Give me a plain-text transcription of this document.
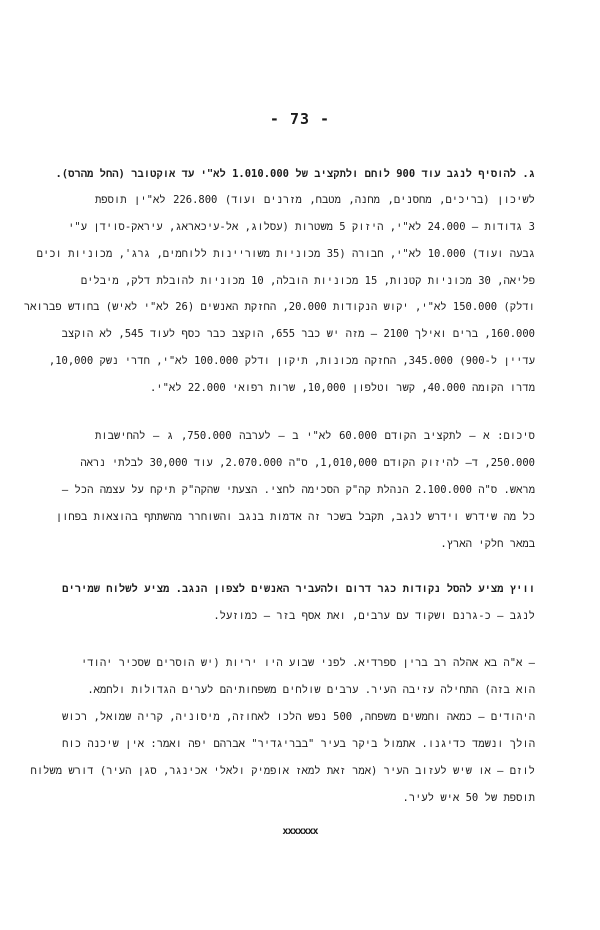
- 73 -
ג. להוסיף לנגב עוד 900 לוחם ולתקציב של 1.010.000 לא"י עד אוקטובר (החל מהרס).
לשיכון (בריכים, מחסנים, מחנה, מטבח, מזרנים ועוד) 226.800 לא"ין תוספת
3 גדודות – 24.000 לא"י, היזוק 5 משטרות (עסלוג, אל-עיכאראג, עיראק-סוידן ע"י
גבעה ועוד) 10.000 לא"י, חבורה (35 מכוניות משוריינות ללוחמים, גרג', מכוניות וכים
פליאה, 30 מכוניות קטנות, 15 מכוניות הובלה, 10 מכוניות להובלת דלק, מיבלים
ודלק) 150.000 לא"י, יקוש הנקודות 20.000, החזקת האנשים (26 לא"י לאיש) בחודש פברואר
160.000, ברים ואילך 2100 – מזה יש כבר 655, הוקצב כבר כסף לעוד 545, לא הוקצב
עדיין ל-900) 345.000, החזקה מכונות, תיקון ודלק 100.000 לא"י, חדרי נשק 10,000,
מדרו הקומה 40.000, קשר וטלפון 10,000, שרות רפואי 22.000 לא"י.
סיכום: א – לתקציב הקודם 60.000 לא"י ב – לערבה 750.000, ג – להחישבות
250.000, ד– להיזוק הקודם 1,010,000, ס"ה 2.070.000, עוד 30,000 לבלתי נראה
מראש. ס"ה 2.100.000 הנהלת קה"ק הסכימה לחצי. הצעתי שהקה"ק תיקח על עצמה הכל –
כל מה שידרש וידרש לנגב, תקבל בשכר זה אדמות בנגב והשוחרר מהשתתף בהוצאות בפחון
במאר חלקי הארץ.
וויץ מציע להסל נקודות כגר דרום ולהעביר האנשים לצפון הנגב. מציע לשלוח שמירים
לנגב – כ-גרנם ושקוד עם ערבים, ואת אסף בזר – כמוזעל.
– א"ה בא אהלה רב ברין ספרדיא. לפני שבוע היו יריות (יש הוסרים שסכיר יהודי
הוא בזה) התחילה עזיבה העיר. ערבים שולחים משפחותיהם לערים הגדולות ולחמא.
היהודים – כמאה וחמשים משפחה, 500 נפש הלכו לאחוזה, מיסוניה, קריה שמואל, רכוש
הולך ונשמד כדיגנו. אתמול ביקר בעיר "בבריגדיר" אברהם יפה ואמר: אין שיכנה כוח
לוזם – או שיש לעזוב העיר (אמר זאת למאז אופמיק ולאלי אכינגר, סגן העיר) דורש משלוח
תוספת של 50 איש לעיר.
xxxxxxx
